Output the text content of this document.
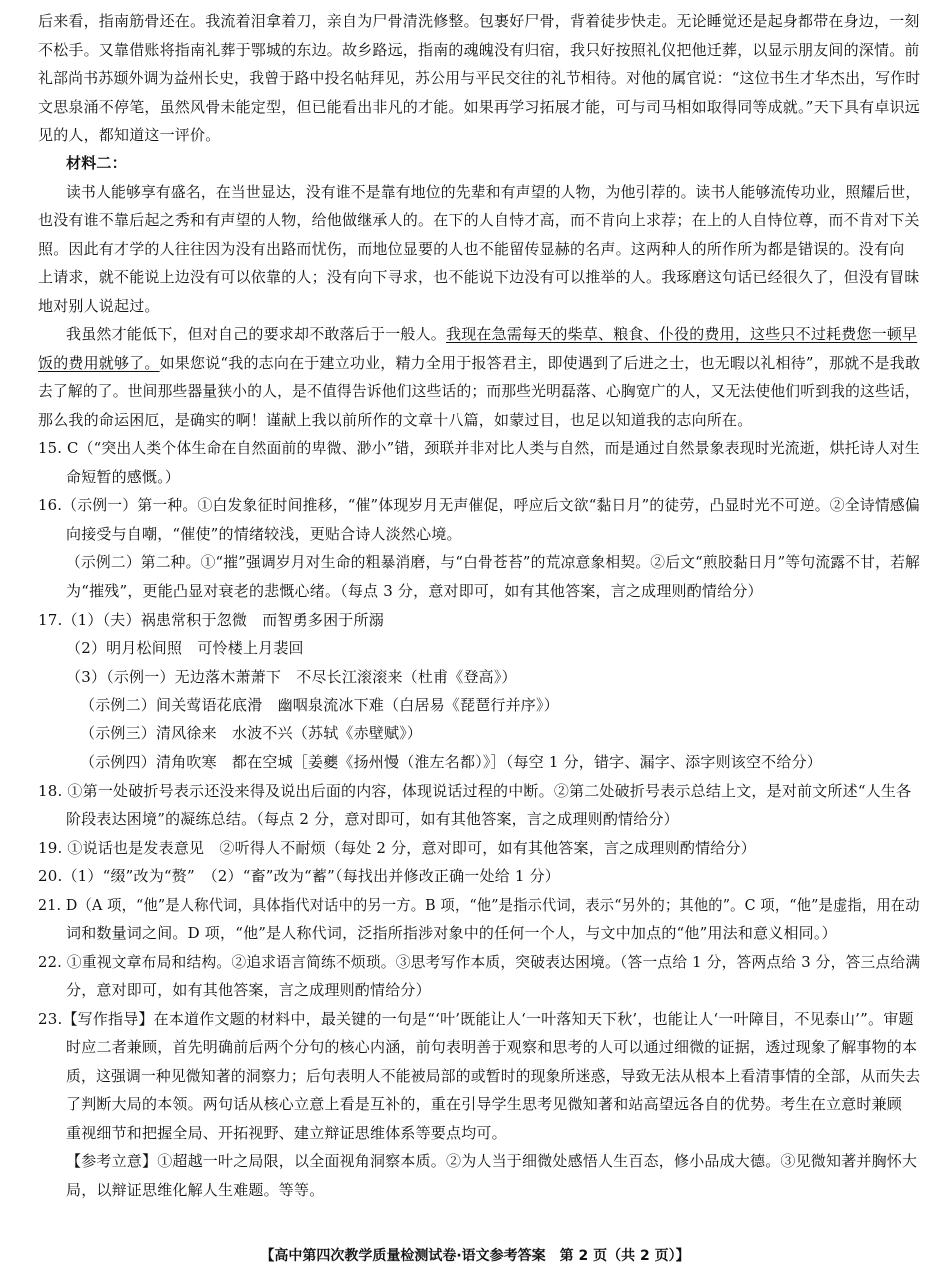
后来看，指南筋骨还在。我流着泪拿着刀，亲自为尸骨清洗修整。包裹好尸骨，背着徒步快走。无论睡觉还是起身都带在身边，一刻
不松手。又靠借账将指南礼葬于鄂城的东边。故乡路远，指南的魂魄没有归宿，我只好按照礼仪把他迁葬，以显示朋友间的深情。前
礼部尚书苏颋外调为益州长史，我曾于路中投名帖拜见，苏公用与平民交往的礼节相待。对他的属官说：“这位书生才华杰出，写作时
文思泉涌不停笔，虽然风骨未能定型，但已能看出非凡的才能。如果再学习拓展才能，可与司马相如取得同等成就。”天下具有卓识远
见的人，都知道这一评价。
材料二：
读书人能够享有盛名，在当世显达，没有谁不是靠有地位的先辈和有声望的人物，为他引荐的。读书人能够流传功业，照耀后世，
也没有谁不靠后起之秀和有声望的人物，给他做继承人的。在下的人自恃才高，而不肯向上求荐；在上的人自恃位尊，而不肯对下关
照。因此有才学的人往往因为没有出路而忧伤，而地位显要的人也不能留传显赫的名声。这两种人的所作所为都是错误的。没有向
上请求，就不能说上边没有可以依靠的人；没有向下寻求，也不能说下边没有可以推举的人。我琢磨这句话已经很久了，但没有冒昧
地对别人说起过。
我虽然才能低下，但对自己的要求却不敢落后于一般人。我现在急需每天的柴草、粮食、仆役的费用，这些只不过耗费您一顿早
饭的费用就够了。如果您说“我的志向在于建立功业，精力全用于报答君主，即使遇到了后进之士，也无暇以礼相待”，那就不是我敢
去了解的了。世间那些器量狭小的人，是不值得告诉他们这些话的；而那些光明磊落、心胸宽广的人，又无法使他们听到我的这些话，
那么我的命运困厄，是确实的啊！谨献上我以前所作的文章十八篇，如蒙过目，也足以知道我的志向所在。
15. C（“突出人类个体生命在自然面前的卑微、渺小”错，颈联并非对比人类与自然，而是通过自然景象表现时光流逝，烘托诗人对生
命短暂的感慨。）
16.（示例一）第一种。①白发象征时间推移，“催”体现岁月无声催促，呼应后文欲“黏日月”的徒劳，凸显时光不可逆。②全诗情感偏
向接受与自嘲，“催使”的情绪较浅，更贴合诗人淡然心境。
（示例二）第二种。①“摧”强调岁月对生命的粗暴消磨，与“白骨苍苔”的荒凉意象相契。②后文“煎胶黏日月”等句流露不甘，若解
为“摧残”，更能凸显对衰老的悲慨心绪。（每点 3 分，意对即可，如有其他答案，言之成理则酌情给分）
17.（1）（夫）祸患常积于忽微　而智勇多困于所溺
（2）明月松间照　可怜楼上月裴回
（3）（示例一）无边落木萧萧下　不尽长江滚滚来（杜甫《登高》）
（示例二）间关莺语花底滑　幽咽泉流冰下难（白居易《琵琶行并序》）
（示例三）清风徐来　水波不兴（苏轼《赤壁赋》）
（示例四）清角吹寒　都在空城［姜夔《扬州慢（淮左名都）》］（每空 1 分，错字、漏字、添字则该空不给分）
18. ①第一处破折号表示还没来得及说出后面的内容，体现说话过程的中断。②第二处破折号表示总结上文，是对前文所述“人生各
阶段表达困境”的凝练总结。（每点 2 分，意对即可，如有其他答案，言之成理则酌情给分）
19. ①说话也是发表意见　②听得人不耐烦（每处 2 分，意对即可，如有其他答案，言之成理则酌情给分）
20.（1）“缀”改为“赘”　（2）“畜”改为“蓄”（每找出并修改正确一处给 1 分）
21. D（A 项，“他”是人称代词，具体指代对话中的另一方。B 项，“他”是指示代词，表示“另外的；其他的”。C 项，“他”是虚指，用在动
词和数量词之间。D 项，“他”是人称代词，泛指所指涉对象中的任何一个人，与文中加点的“他”用法和意义相同。）
22. ①重视文章布局和结构。②追求语言简练不烦琐。③思考写作本质，突破表达困境。（答一点给 1 分，答两点给 3 分，答三点给满
分，意对即可，如有其他答案，言之成理则酌情给分）
23.【写作指导】在本道作文题的材料中，最关键的一句是“‘叶’既能让人‘一叶落知天下秋’，也能让人‘一叶障目，不见泰山’”。审题
时应二者兼顾，首先明确前后两个分句的核心内涵，前句表明善于观察和思考的人可以通过细微的证据，透过现象了解事物的本
质，这强调一种见微知著的洞察力；后句表明人不能被局部的或暂时的现象所迷惑，导致无法从根本上看清事情的全部，从而失去
了判断大局的本领。两句话从核心立意上看是互补的，重在引导学生思考见微知著和站高望远各自的优势。考生在立意时兼顾
重视细节和把握全局、开拓视野、建立辩证思维体系等要点均可。
【参考立意】①超越一叶之局限，以全面视角洞察本质。②为人当于细微处感悟人生百态，修小品成大德。③见微知著并胸怀大
局，以辩证思维化解人生难题。等等。
【高中第四次教学质量检测试卷·语文参考答案　第 2 页（共 2 页）】
